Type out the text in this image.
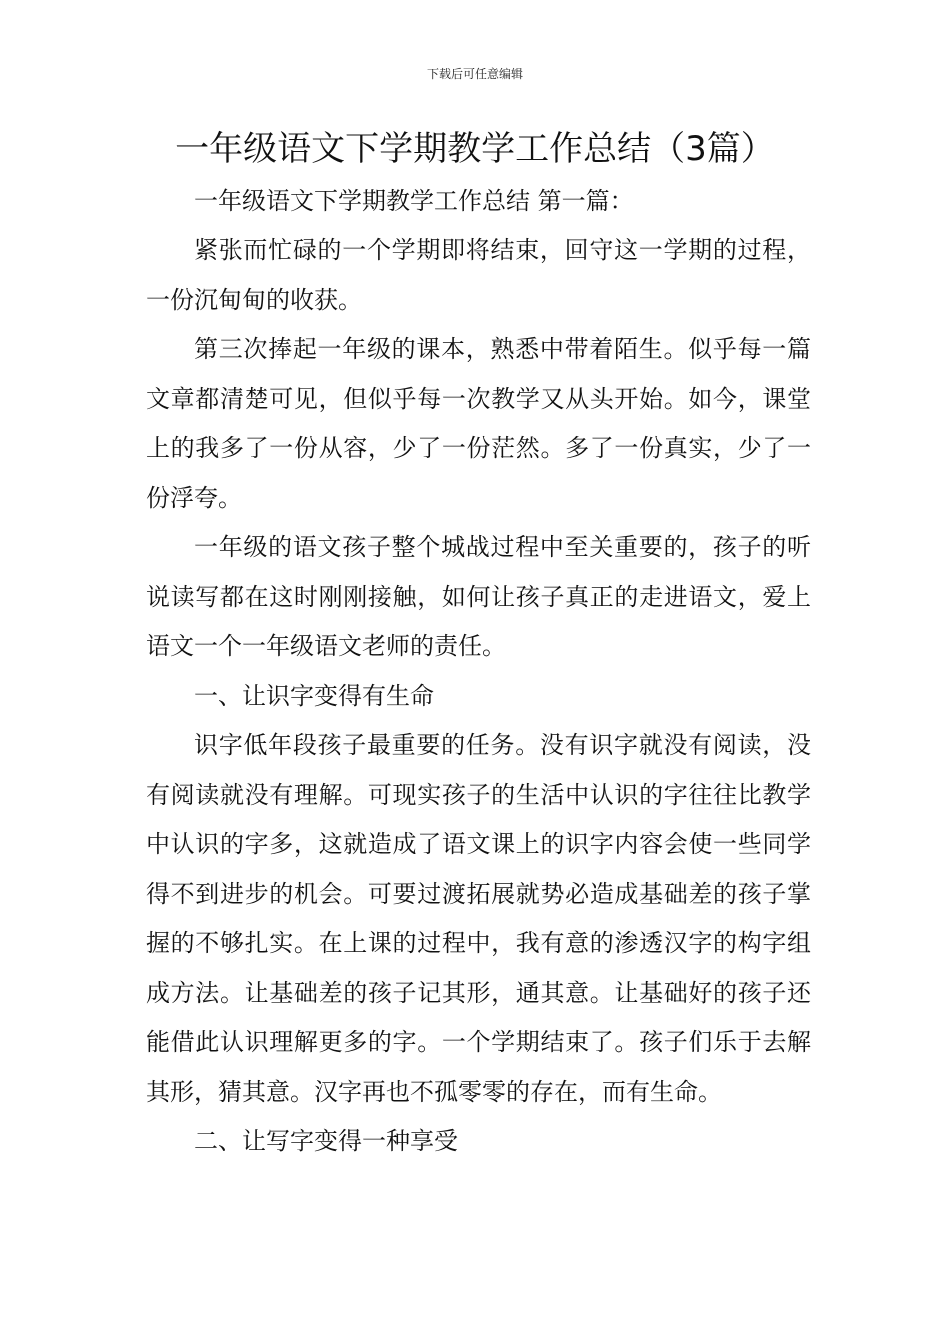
下载后可任意编辑
一年级语文下学期教学工作总结（3篇）

一年级语文下学期教学工作总结 第一篇：

紧张而忙碌的一个学期即将结束，回守这一学期的过程，一份沉甸甸的收获。

第三次捧起一年级的课本，熟悉中带着陌生。似乎每一篇文章都清楚可见，但似乎每一次教学又从头开始。如今，课堂上的我多了一份从容，少了一份茫然。多了一份真实，少了一份浮夸。

一年级的语文孩子整个城战过程中至关重要的，孩子的听说读写都在这时刚刚接触，如何让孩子真正的走进语文，爱上语文一个一年级语文老师的责任。

一、让识字变得有生命

识字低年段孩子最重要的任务。没有识字就没有阅读，没有阅读就没有理解。可现实孩子的生活中认识的字往往比教学中认识的字多，这就造成了语文课上的识字内容会使一些同学得不到进步的机会。可要过渡拓展就势必造成基础差的孩子掌握的不够扎实。在上课的过程中，我有意的渗透汉字的构字组成方法。让基础差的孩子记其形，通其意。让基础好的孩子还能借此认识理解更多的字。一个学期结束了。孩子们乐于去解其形，猜其意。汉字再也不孤零零的存在，而有生命。

二、让写字变得一种享受
